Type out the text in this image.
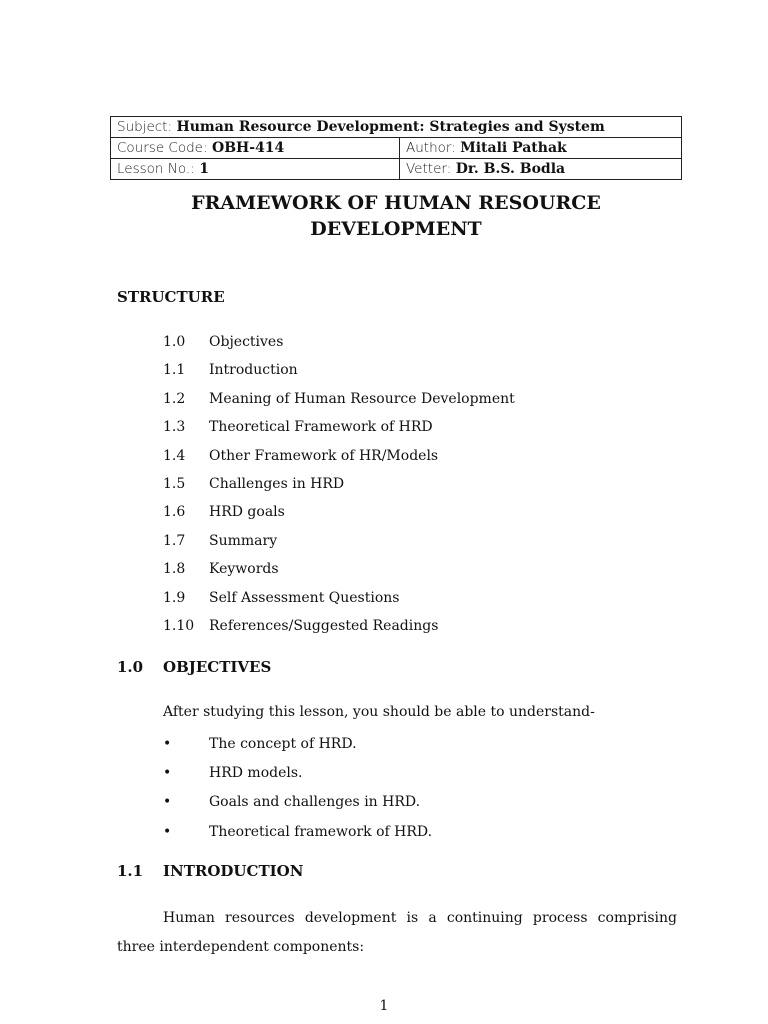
Subject: Human Resource Development: Strategies and System	
Course Code: OBH-414	Author: Mitali Pathak
Lesson No.: 1	Vetter: Dr. B.S. Bodla
FRAMEWORK OF HUMAN RESOURCE
DEVELOPMENT
STRUCTURE
1.0 Objectives
1.1 Introduction
1.2 Meaning of Human Resource Development
1.3 Theoretical Framework of HRD
1.4 Other Framework of HR/Models
1.5 Challenges in HRD
1.6 HRD goals
1.7 Summary
1.8 Keywords
1.9 Self Assessment Questions
1.10 References/Suggested Readings
1.0 OBJECTIVES
After studying this lesson, you should be able to understand-
•	The concept of HRD.
•	HRD models.
•	Goals and challenges in HRD.
•	Theoretical framework of HRD.
1.1 INTRODUCTION
Human resources development is a continuing process comprising
three interdependent components:
1
